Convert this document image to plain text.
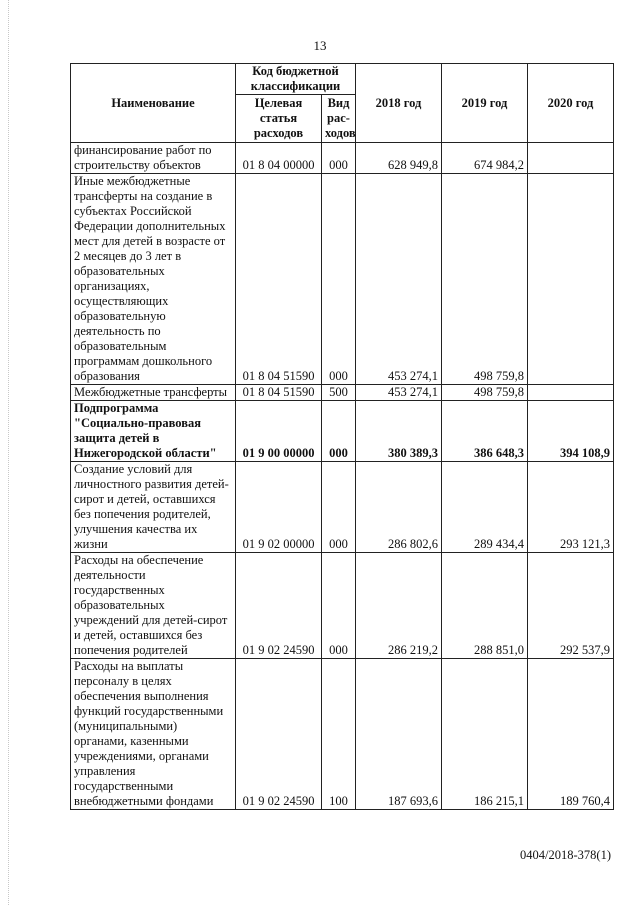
13
Наименование	Код бюджетной классификации		2018 год	2019 год	2020 год
	Целевая статья расходов	Вид рас-ходов			
финансирование работ по строительству объектов	01 8 04 00000	000	628 949,8	674 984,2	
Иные межбюджетные трансферты на создание в субъектах Российской Федерации дополнительных мест для детей в возрасте от 2 месяцев до 3 лет в образовательных организациях, осуществляющих образовательную деятельность по образовательным программам дошкольного образования	01 8 04 51590	000	453 274,1	498 759,8	
Межбюджетные трансферты	01 8 04 51590	500	453 274,1	498 759,8	
Подпрограмма "Социально-правовая защита детей в Нижегородской области"	01 9 00 00000	000	380 389,3	386 648,3	394 108,9
Создание условий для личностного развития детей-сирот и детей, оставшихся без попечения родителей, улучшения качества их жизни	01 9 02 00000	000	286 802,6	289 434,4	293 121,3
Расходы на обеспечение деятельности государственных образовательных учреждений для детей-сирот и детей, оставшихся без попечения родителей	01 9 02 24590	000	286 219,2	288 851,0	292 537,9
Расходы на выплаты персоналу в целях обеспечения выполнения функций государственными (муниципальными) органами, казенными учреждениями, органами управления государственными внебюджетными фондами	01 9 02 24590	100	187 693,6	186 215,1	189 760,4
0404/2018-378(1)
